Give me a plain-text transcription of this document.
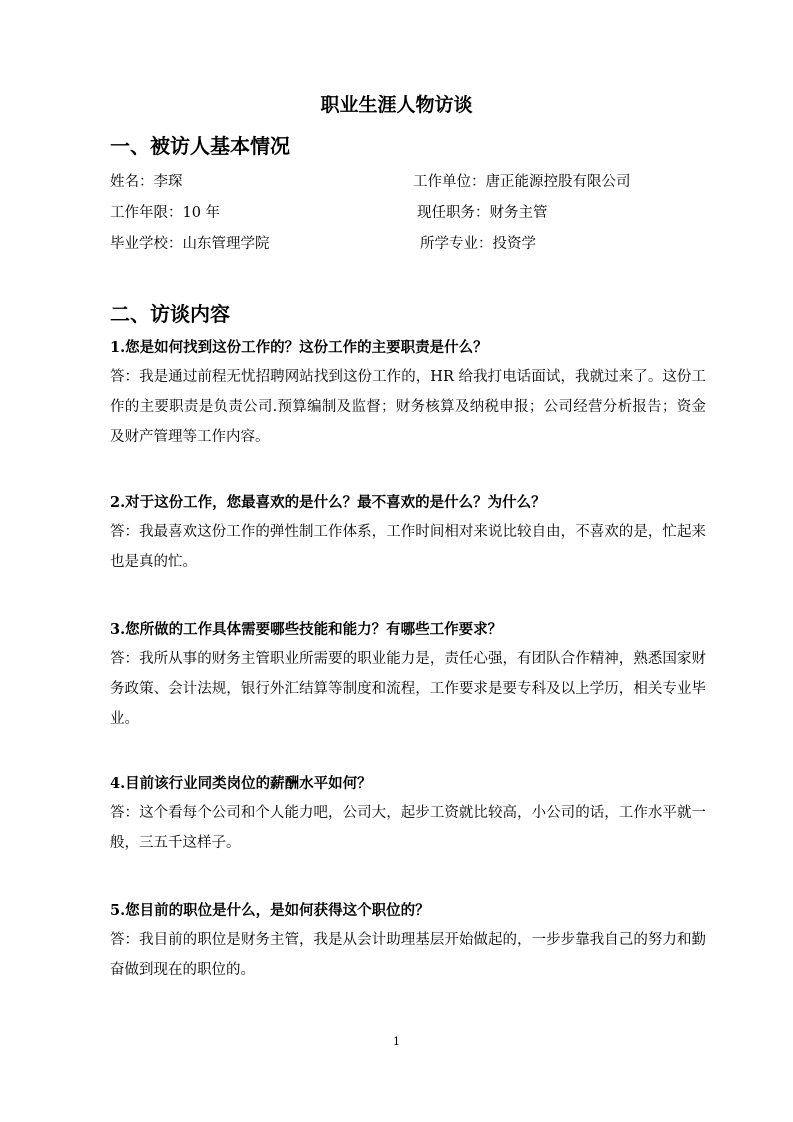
职业生涯人物访谈
一、被访人基本情况
姓名：李琛	工作单位：唐正能源控股有限公司
工作年限：10 年	现任职务：财务主管
毕业学校：山东管理学院	所学专业：投资学
二、访谈内容
1.您是如何找到这份工作的？这份工作的主要职责是什么？
答：我是通过前程无忧招聘网站找到这份工作的，HR 给我打电话面试，我就过来了。这份工作的主要职责是负责公司.预算编制及监督；财务核算及纳税申报；公司经营分析报告；资金及财产管理等工作内容。
2.对于这份工作，您最喜欢的是什么？最不喜欢的是什么？为什么？
答：我最喜欢这份工作的弹性制工作体系，工作时间相对来说比较自由，不喜欢的是，忙起来也是真的忙。
3.您所做的工作具体需要哪些技能和能力？有哪些工作要求？
答：我所从事的财务主管职业所需要的职业能力是，责任心强，有团队合作精神，熟悉国家财务政策、会计法规，银行外汇结算等制度和流程，工作要求是要专科及以上学历，相关专业毕业。
4.目前该行业同类岗位的薪酬水平如何？
答：这个看每个公司和个人能力吧，公司大，起步工资就比较高，小公司的话，工作水平就一般，三五千这样子。
5.您目前的职位是什么，是如何获得这个职位的？
答：我目前的职位是财务主管，我是从会计助理基层开始做起的，一步步靠我自己的努力和勤奋做到现在的职位的。
1
